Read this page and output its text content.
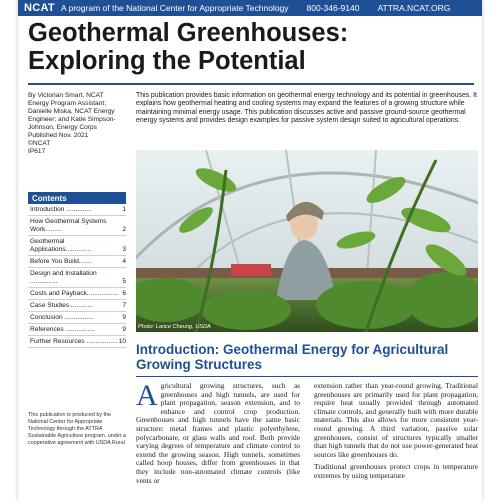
NCAT A program of the National Center for Appropriate Technology 800-346-9140 ATTRA.NCAT.ORG
Geothermal Greenhouses:
Exploring the Potential
By Victorian Smart, NCAT Energy Program Assistant; Danielle Miska, NCAT Energy Engineer; and Katie Simpson-Johnson, Energy Corps
Published Nov. 2021
©NCAT
IP617
Contents
Introduction ..............	1
How Geothermal Systems Work.........	2
Geothermal Applications..............	3
Before You Build.......	4
Design and Installation ...............	5
Costs and Payback................. 6
Case Studies.............	7
Conclusion ................	9
References ................	9
Further Resources ................. 10
This publication is produced by the National Center for Appropriate Technology through the ATTRA Sustainable Agriculture program, under a cooperative agreement with USDA Rural
This publication provides basic information on geothermal energy technology and its potential in greenhouses. It explains how geothermal heating and cooling systems may expand the features of a growing structure while maintaining minimal energy usage. This publication discusses active and passive ground-source geothermal energy systems and provides design examples for passive system design suited to agricultural operations.
Photo: Lance Cheung, USDA
Introduction: Geothermal Energy for Agricultural Growing Structures
Agricultural growing structures, such as greenhouses and high tunnels, are used for plant propagation, season extension, and to enhance and control crop production. Greenhouses and high tunnels have the same basic structure: metal frames and plastic polyethylene, polycarbonate, or glass walls and roof. Both provide varying degrees of temperature and climate control to extend the growing season. High tunnels, sometimes called hoop houses, differ from greenhouses in that they include non-automated climate controls (like vents or

extension rather than year-round growing. Traditional greenhouses are primarily used for plant propagation, require heat usually provided through automated climate controls, and generally built with more durable materials. This also allows for more consistent year-round growing. A third variation, passive solar greenhouses, consist of structures typically smaller than high tunnels that do not use power-generated heat sources like greenhouses do.

Traditional greenhouses protect crops in temperature extremes by using temperature
